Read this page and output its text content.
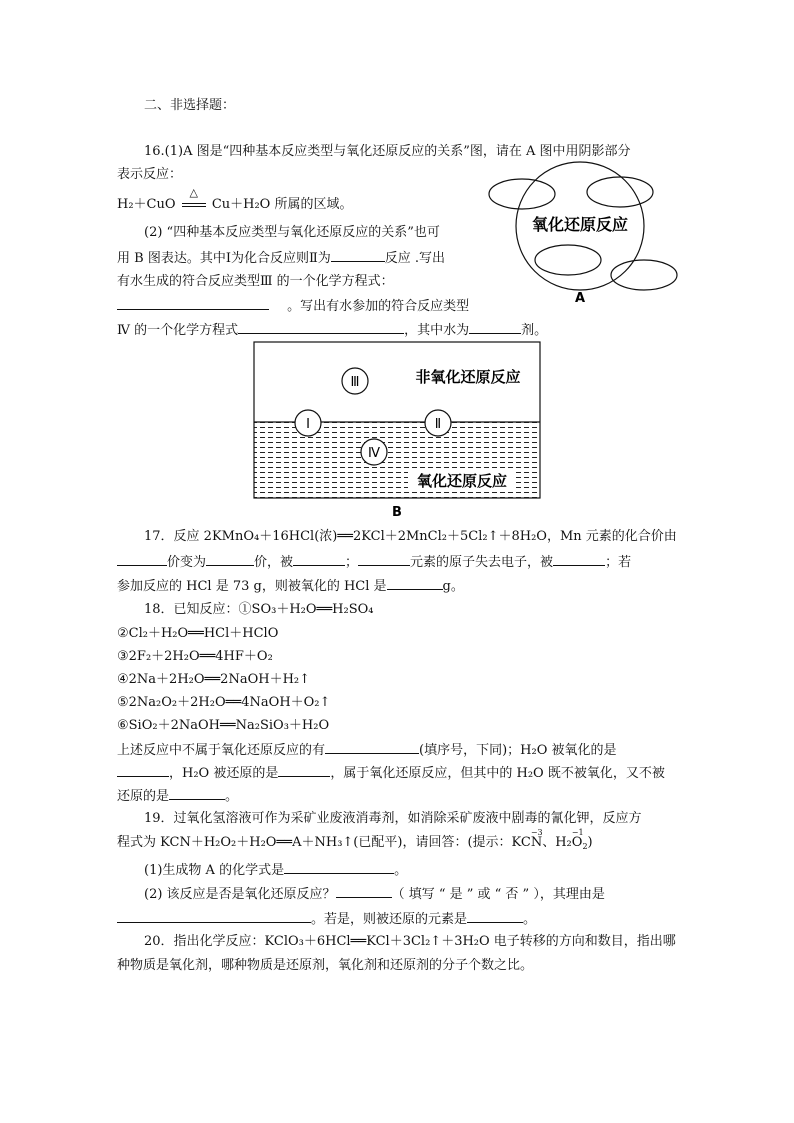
二、非选择题：
16.(1)A 图是“四种基本反应类型与氧化还原反应的关系”图，请在 A 图中用阴影部分
表示反应：
H₂＋CuO
△
Cu＋H₂O 所属的区域。
(2) “四种基本反应类型与氧化还原反应的关系”也可
用 B 图表达。其中Ⅰ为化合反应则Ⅱ为	反应 .写出
有水生成的符合反应类型Ⅲ 的一个化学方程式：
。写出有水参加的符合反应类型
Ⅳ 的一个化学方程式	，其中水为	剂。
氧化还原反应
A
非氧化还原反应
氧化还原反应
Ⅲ
Ⅰ	Ⅱ
Ⅳ
B
17．反应 2KMnO₄＋16HCl(浓)══2KCl＋2MnCl₂＋5Cl₂↑＋8H₂O，Mn 元素的化合价由
价变为	价，被	；	元素的原子失去电子，被	；若
参加反应的 HCl 是 73 g，则被氧化的 HCl 是	g。
18．已知反应：①SO₃＋H₂O══H₂SO₄
②Cl₂＋H₂O══HCl＋HClO
③2F₂＋2H₂O══4HF＋O₂
④2Na＋2H₂O══2NaOH＋H₂↑
⑤2Na₂O₂＋2H₂O══4NaOH＋O₂↑
⑥SiO₂＋2NaOH══Na₂SiO₃＋H₂O
上述反应中不属于氧化还原反应的有	(填序号，下同)；H₂O 被氧化的是
，H₂O 被还原的是	，属于氧化还原反应，但其中的 H₂O 既不被氧化，又不被
还原的是	。
19．过氧化氢溶液可作为采矿业废液消毒剂，如消除采矿废液中剧毒的氰化钾，反应方
程式为 KCN＋H₂O₂＋H₂O══A＋NH₃↑(已配平)，请回答：(提示：KC
−3
N、H₂
−1
$O_2$)
(1)生成物 A 的化学式是	。
(2) 该反应是否是氧化还原反应？	（ 填写 “ 是 ” 或 “ 否 ” ），其理由是
。若是，则被还原的元素是	。
20．指出化学反应：KClO₃＋6HCl══KCl＋3Cl₂↑＋3H₂O 电子转移的方向和数目，指出哪
种物质是氧化剂，哪种物质是还原剂，氧化剂和还原剂的分子个数之比。
